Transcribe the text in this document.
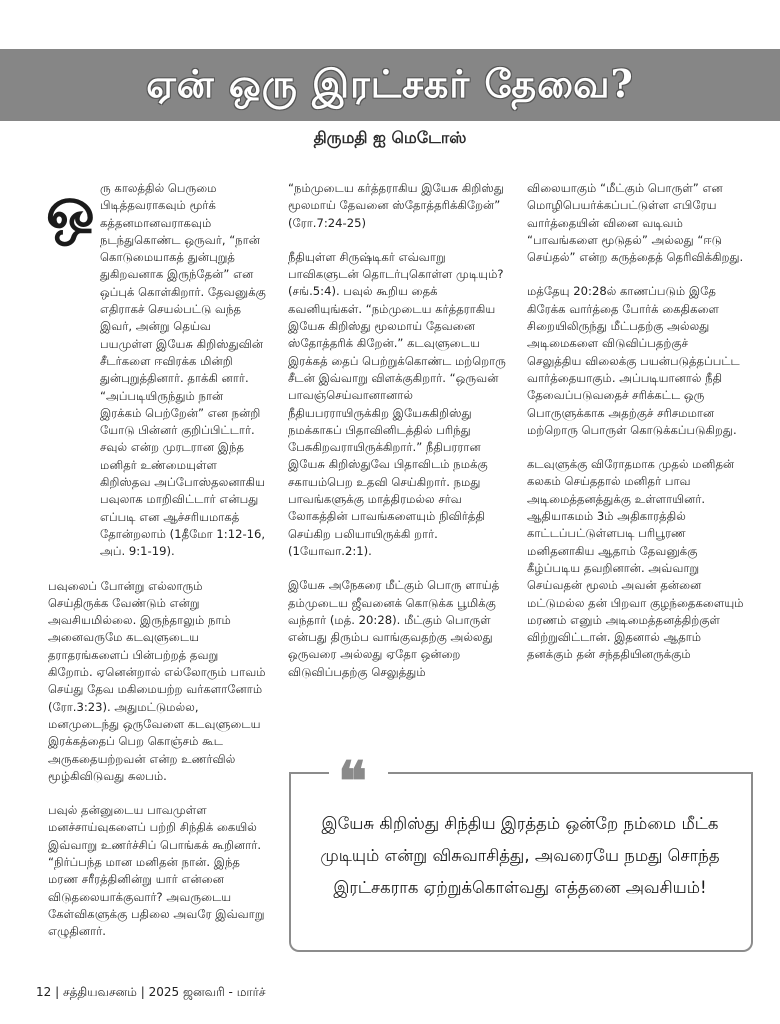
ஏன் ஒரு இரட்சகர் தேவை?
திருமதி ஐ மெடோஸ்
ஒ ரு காலத்தில் பெருமை பிடித்தவராகவும் மூர்க் கத்தனமானவராகவும் நடந்துகொண்ட ஒருவர், “நான் கொடுமையாகத் துன்புறுத் துகிறவனாக இருந்தேன்” என ஒப்புக் கொள்கிறார். தேவனுக்கு எதிராகச் செயல்பட்டு வந்த இவர், அன்று தெய்வ பயமுள்ள இயேசு கிறிஸ்துவின் சீடர்களை ஈவிரக்க மின்றி துன்புறுத்தினார். தாக்கி னார். “அப்படியிருந்தும் நான் இரக்கம் பெற்றேன்” என நன்றி யோடு பின்னர் குறிப்பிட்டார். சவுல் என்ற முரடரான இந்த மனிதர் உண்மையுள்ள கிறிஸ்தவ அப்போஸ்தலனாகிய பவுலாக மாறிவிட்டார் என்பது எப்படி என ஆச்சரியமாகத் தோன்றலாம் (1தீமோ 1:12-16, அப். 9:1-19).

பவுலைப் போன்று எல்லாரும் செய்திருக்க வேண்டும் என்று அவசியமில்லை. இருந்தாலும் நாம் அனைவருமே கடவுளுடைய தராதரங்களைப் பின்பற்றத் தவறு கிறோம். ஏனென்றால் எல்லோரும் பாவம் செய்து தேவ மகிமையற்ற வர்களானோம் (ரோ.3:23). அதுமட்டுமல்ல, மனமுடைந்து ஒருவேளை கடவுளுடைய இரக்கத்தைப் பெற கொஞ்சம் கூட அருகதையற்றவன் என்ற உணர்வில் மூழ்கிவிடுவது சுலபம்.

பவுல் தன்னுடைய பாவமுள்ள மனச்சாய்வுகளைப் பற்றி சிந்திக் கையில் இவ்வாறு உணர்ச்சிப் பொங்கக் கூறினார். “நிர்ப்பந்த மான மனிதன் நான். இந்த மரண சரீரத்தினின்று யார் என்னை விடுதலையாக்குவார்? அவருடைய கேள்விகளுக்கு பதிலை அவரே இவ்வாறு எழுதினார்.

“நம்முடைய கர்த்தராகிய இயேசு கிறிஸ்து மூலமாய் தேவனை ஸ்தோத்தரிக்கிறேன்” (ரோ.7:24-25)

நீதியுள்ள சிருஷ்டிகர் எவ்வாறு பாவிகளுடன் தொடர்புகொள்ள முடியும்? (சங்.5:4). பவுல் கூறிய தைக் கவனியுங்கள். “நம்முடைய கர்த்தராகிய இயேசு கிறிஸ்து மூலமாய் தேவனை ஸ்தோத்தரிக் கிறேன்.” கடவுளுடைய இரக்கத் தைப் பெற்றுக்கொண்ட மற்றொரு சீடன் இவ்வாறு விளக்குகிறார். “ஒருவன் பாவஞ்செய்வானானால் நீதியபரராயிருக்கிற இயேசுகிறிஸ்து நமக்காகப் பிதாவினிடத்தில் பரிந்து பேசுகிறவராயிருக்கிறார்.” நீதிபரரான இயேசு கிறிஸ்துவே பிதாவிடம் நமக்கு சகாயம்பெற உதவி செய்கிறார். நமது பாவங்களுக்கு மாத்திரமல்ல சர்வ லோகத்தின் பாவங்களையும் நிவிர்த்தி செய்கிற பலியாயிருக்கி றார்.(1யோவா.2:1).

இயேசு அநேகரை மீட்கும் பொரு ளாய்த் தம்முடைய ஜீவனைக் கொடுக்க பூமிக்கு வந்தார் (மத். 20:28). மீட்கும் பொருள் என்பது திரும்ப வாங்குவதற்கு அல்லது ஒருவரை அல்லது ஏதோ ஒன்றை விடுவிப்பதற்கு செலுத்தும்

விலையாகும் “மீட்கும் பொருள்” என மொழிபெயர்க்கப்பட்டுள்ள எபிரேய வார்த்தையின் வினை வடிவம் “பாவங்களை மூடுதல்” அல்லது “ஈடு செய்தல்” என்ற கருத்தைத் தெரிவிக்கிறது.

மத்தேயு 20:28ல் காணப்படும் இதே கிரேக்க வார்த்தை போர்க் கைதிகளை சிறையிலிருந்து மீட்பதற்கு அல்லது அடிமைகளை விடுவிப்பதற்குச் செலுத்திய விலைக்கு பயன்படுத்தப்பட்ட வார்த்தையாகும். அப்படியானால் நீதி தேவைப்படுவதைச் சரிக்கட்ட ஒரு பொருளுக்காக அதற்குச் சரிசமமான மற்றொரு பொருள் கொடுக்கப்படுகிறது.

கடவுளுக்கு விரோதமாக முதல் மனிதன் கலகம் செய்ததால் மனிதர் பாவ அடிமைத்தனத்துக்கு உள்ளாயினர். ஆதியாகமம் 3ம் அதிகாரத்தில் காட்டப்பட்டுள்ளபடி பரிபூரண மனிதனாகிய ஆதாம் தேவனுக்கு கீழ்ப்படிய தவறினான். அவ்வாறு செய்வதன் மூலம் அவன் தன்னை மட்டுமல்ல தன் பிறவா குழந்தைகளையும் மரணம் எனும் அடிமைத்தனத்திற்குள் விற்றுவிட்டான். இதனால் ஆதாம் தனக்கும் தன் சந்ததியினருக்கும்

❝
இயேசு கிறிஸ்து சிந்திய இரத்தம் ஒன்றே நம்மை மீட்க முடியும் என்று விசுவாசித்து, அவரையே நமது சொந்த இரட்சகராக ஏற்றுக்கொள்வது எத்தனை அவசியம்!
12 | சத்தியவசனம் | 2025 ஜனவரி - மார்ச்
